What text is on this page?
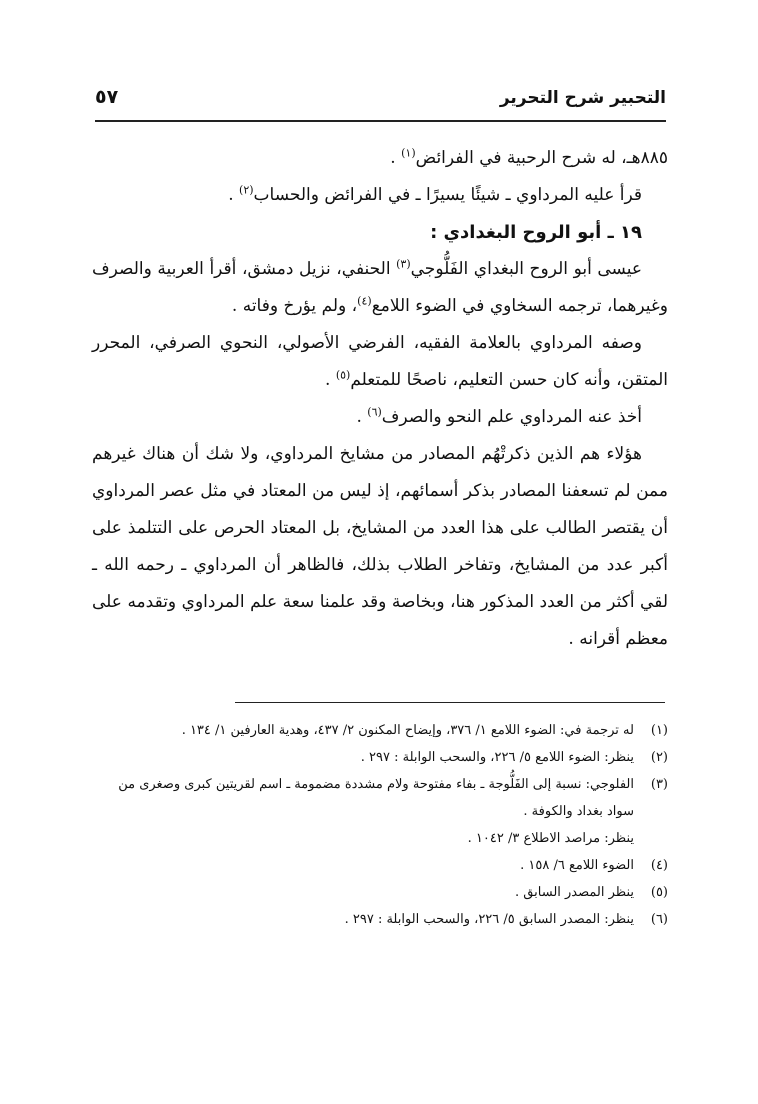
التحبير شرح التحرير
٥٧

٨٨٥هـ، له شرح الرحبية في الفرائض$^{(١)}$ .

قرأ عليه المرداوي ـ شيئًا يسيرًا ـ في الفرائض والحساب$^{(٢)}$ .

١٩ ـ أبو الروح البغدادي :

عيسى أبو الروح البغداي الفَلُّوجي$^{(٣)}$ الحنفي، نزيل دمشق، أقرأ العربية والصرف وغيرهما، ترجمه السخاوي في الضوء اللامع$^{(٤)}$، ولم يؤرخ وفاته .

وصفه المرداوي بالعلامة الفقيه، الفرضي الأصولي، النحوي الصرفي، المحرر المتقن، وأنه كان حسن التعليم، ناصحًا للمتعلم$^{(٥)}$ .

أخذ عنه المرداوي علم النحو والصرف$^{(٦)}$ .

هؤلاء هم الذين ذكرتْهُم المصادر من مشايخ المرداوي، ولا شك أن هناك غيرهم ممن لم تسعفنا المصادر بذكر أسمائهم، إذ ليس من المعتاد في مثل عصر المرداوي أن يقتصر الطالب على هذا العدد من المشايخ، بل المعتاد الحرص على التتلمذ على أكبر عدد من المشايخ، وتفاخر الطلاب بذلك، فالظاهر أن المرداوي ـ رحمه الله ـ لقي أكثر من العدد المذكور هنا، وبخاصة وقد علمنا سعة علم المرداوي وتقدمه على معظم أقرانه .

(١)
له ترجمة في: الضوء اللامع ١/ ٣٧٦، وإيضاح المكنون ٢/ ٤٣٧، وهدية العارفين ١/ ١٣٤ .
(٢)
ينظر: الضوء اللامع ٥/ ٢٢٦، والسحب الوابلة : ٢٩٧ .
(٣)
الفلوجي: نسبة إلى الفَلُّوجة ـ بفاء مفتوحة ولام مشددة مضمومة ـ اسم لقريتين كبرى وصغرى من سواد بغداد والكوفة .
ينظر: مراصد الاطلاع ٣/ ١٠٤٢ .
(٤)
الضوء اللامع ٦/ ١٥٨ .
(٥)
ينظر المصدر السابق .
(٦)
ينظر: المصدر السابق ٥/ ٢٢٦، والسحب الوابلة : ٢٩٧ .
